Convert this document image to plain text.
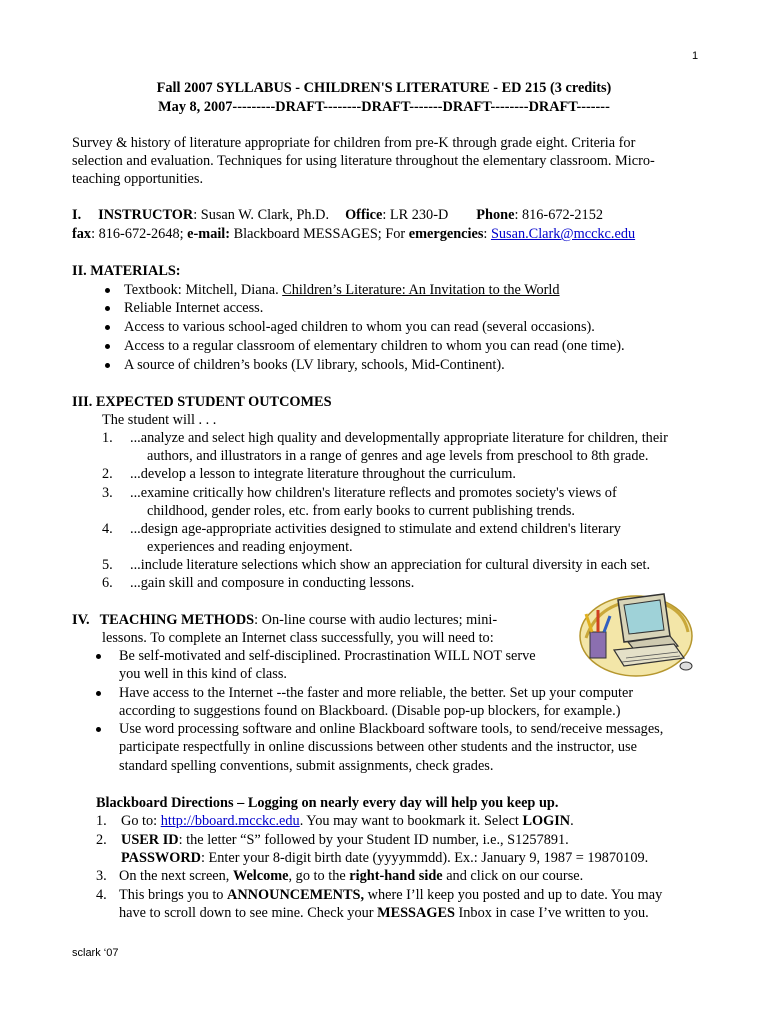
1
Fall 2007 SYLLABUS - CHILDREN'S LITERATURE - ED 215 (3 credits)
May 8, 2007---------DRAFT--------DRAFT-------DRAFT--------DRAFT-------
Survey & history of literature appropriate for children from pre-K through grade eight. Criteria for
selection and evaluation. Techniques for using literature throughout the elementary classroom. Micro-
teaching opportunities.
I. INSTRUCTOR: Susan W. Clark, Ph.D. Office: LR 230-D Phone: 816-672-2152
fax: 816-672-2648; e-mail: Blackboard MESSAGES; For emergencies: Susan.Clark@mcckc.edu
II. MATERIALS:
Textbook: Mitchell, Diana. Children’s Literature: An Invitation to the World
Reliable Internet access.
Access to various school-aged children to whom you can read (several occasions).
Access to a regular classroom of elementary children to whom you can read (one time).
A source of children’s books (LV library, schools, Mid-Continent).
III. EXPECTED STUDENT OUTCOMES
The student will . . .
1. ...analyze and select high quality and developmentally appropriate literature for children, their
authors, and illustrators in a range of genres and age levels from preschool to 8th grade.
2. ...develop a lesson to integrate literature throughout the curriculum.
3. ...examine critically how children's literature reflects and promotes society's views of
childhood, gender roles, etc. from early books to current publishing trends.
4. ...design age-appropriate activities designed to stimulate and extend children's literary
experiences and reading enjoyment.
5. ...include literature selections which show an appreciation for cultural diversity in each set.
6. ...gain skill and composure in conducting lessons.
IV. TEACHING METHODS: On-line course with audio lectures; mini-
lessons. To complete an Internet class successfully, you will need to:
Be self-motivated and self-disciplined. Procrastination WILL NOT serve
you well in this kind of class.
Have access to the Internet --the faster and more reliable, the better. Set up your computer
according to suggestions found on Blackboard. (Disable pop-up blockers, for example.)
Use word processing software and online Blackboard software tools, to send/receive messages,
participate respectfully in online discussions between other students and the instructor, use
standard spelling conventions, submit assignments, check grades.
Blackboard Directions – Logging on nearly every day will help you keep up.
1. Go to: http://bboard.mcckc.edu. You may want to bookmark it. Select LOGIN.
2. USER ID: the letter “S” followed by your Student ID number, i.e., S1257891.
PASSWORD: Enter your 8-digit birth date (yyyymmdd). Ex.: January 9, 1987 = 19870109.
3. On the next screen, Welcome, go to the right-hand side and click on our course.
4. This brings you to ANNOUNCEMENTS, where I’ll keep you posted and up to date. You may
have to scroll down to see mine. Check your MESSAGES Inbox in case I’ve written to you.
sclark ‘07
